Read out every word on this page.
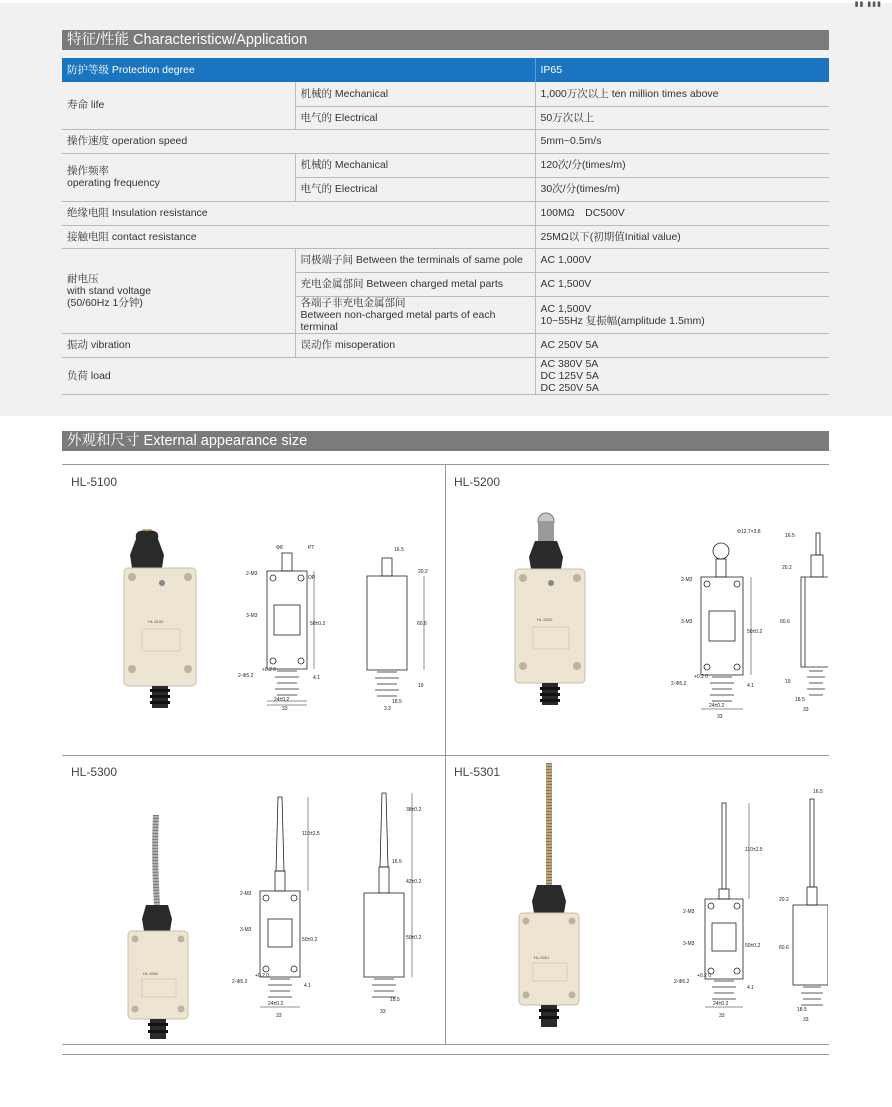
▮▮ ▮▮▮
特征/性能 Characteristicw/Application
防护等级 Protection degree		IP65
寿命 life	机械的 Mechanical	1,000万次以上 ten million times above
	电气的 Electrical	50万次以上
操作速度 operation speed		5mm~0.5m/s

操作频率
operating frequency	机械的 Mechanical	120次/分(times/m)
	电气的 Electrical	30次/分(times/m)
绝缘电阻 Insulation resistance		100MΩ　DC500V
接触电阻 contact resistance		25MΩ以下(初期值Initial value)

耐电压
with stand voltage
(50/60Hz 1分钟)	同极端子间 Between the terminals of same pole	AC 1,000V
	充电金属部间 Between charged metal parts	AC 1,500V

	各端子非充电金属部间
Between non-charged metal parts of each terminal	AC 1,500V
10~55Hz 复振幅(amplitude 1.5mm)

振动 vibration	误动作 misoperation	AC 250V 5A
负荷 load		AC 380V 5A
DC 125V 5A
DC 250V 5A
外观和尺寸 External appearance size
HL-5100
HL-5100
Φ8	PT
OP
2-M3
3-M3
50±0.2
2-Φ5.2
+0.2 0
4.1
24±0.2
33
16.5
20.2
60.6
19
18.5
3.3
HL-5200
HL-5200
Φ12.7×3.8
2-M3
3-M3
50±0.2
2-Φ5.2
+0.2 0
4.1
24±0.2
33
16.5
20.2
60.6
19
18.5
33
HL-5300
HL-5300
2-M3
3-M3
110±2.5
50±0.2
2-Φ5.2
+0.2 0
4.1
24±0.2
33
38±0.2
16.5
42±0.2
50±0.2
18.5
33
HL-5301
HL-5301
2-M3
3-M3
110±2.5
50±0.2
2-Φ5.2
+0.2 0
4.1
24±0.2
33
16.5
20.2
60.6
18.5
33
